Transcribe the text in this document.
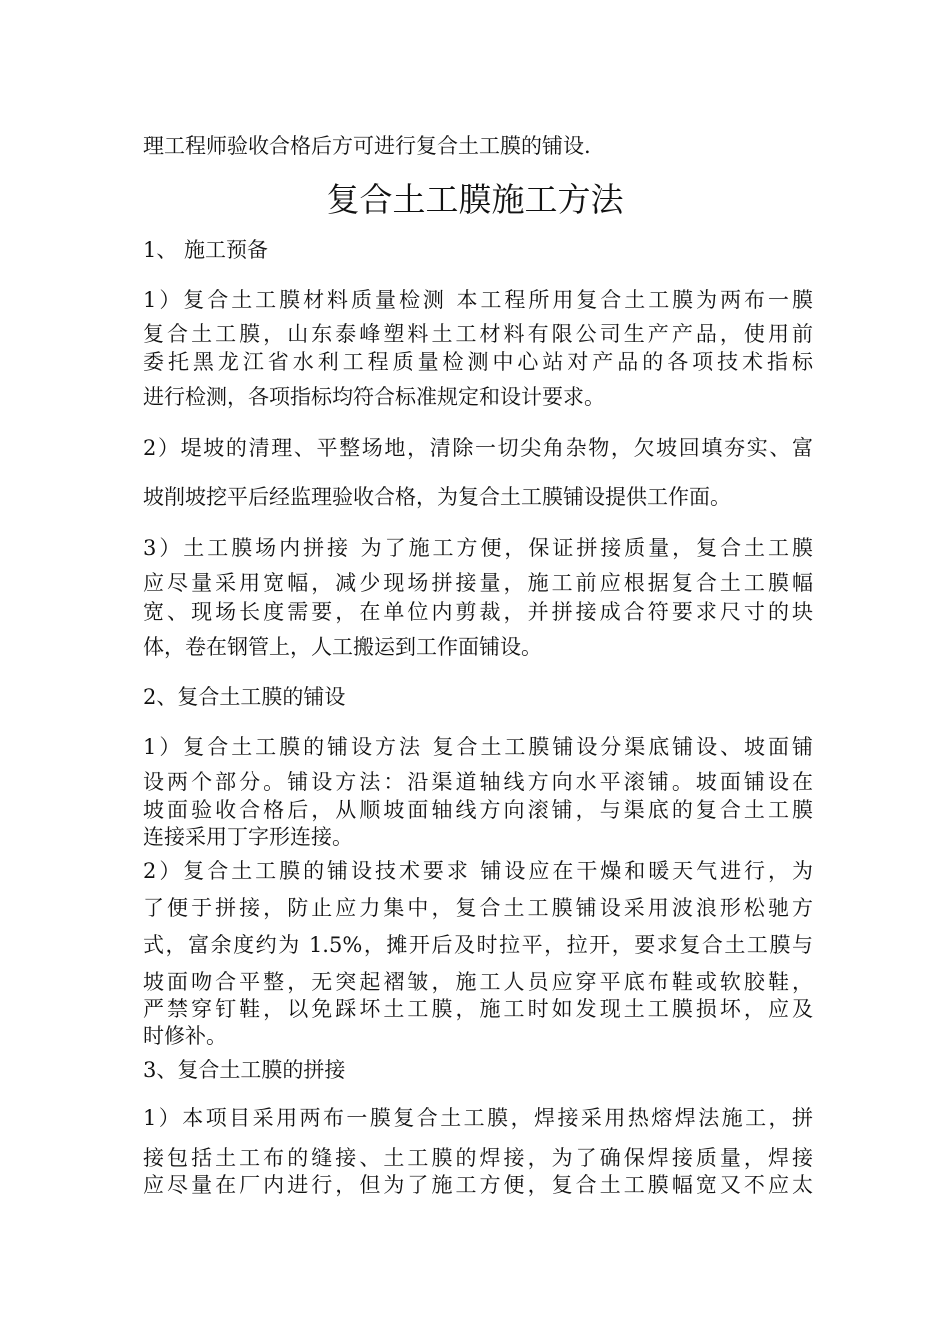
理工程师验收合格后方可进行复合土工膜的铺设.
复合土工膜施工方法
1、 施工预备
1）复合土工膜材料质量检测 本工程所用复合土工膜为两布一膜
复合土工膜，山东泰峰塑料土工材料有限公司生产产品，使用前
委托黑龙江省水利工程质量检测中心站对产品的各项技术指标
进行检测，各项指标均符合标准规定和设计要求。
2）堤坡的清理、平整场地，清除一切尖角杂物，欠坡回填夯实、富
坡削坡挖平后经监理验收合格，为复合土工膜铺设提供工作面。
3）土工膜场内拼接 为了施工方便，保证拼接质量，复合土工膜
应尽量采用宽幅，减少现场拼接量，施工前应根据复合土工膜幅
宽、现场长度需要，在单位内剪裁，并拼接成合符要求尺寸的块
体，卷在钢管上，人工搬运到工作面铺设。
2、复合土工膜的铺设
1）复合土工膜的铺设方法 复合土工膜铺设分渠底铺设、坡面铺
设两个部分。铺设方法：沿渠道轴线方向水平滚铺。坡面铺设在
坡面验收合格后，从顺坡面轴线方向滚铺，与渠底的复合土工膜
连接采用丁字形连接。
2）复合土工膜的铺设技术要求 铺设应在干燥和暖天气进行，为
了便于拼接，防止应力集中，复合土工膜铺设采用波浪形松驰方
式，富余度约为 1.5%，摊开后及时拉平，拉开，要求复合土工膜与
坡面吻合平整，无突起褶皱，施工人员应穿平底布鞋或软胶鞋，
严禁穿钉鞋，以免踩坏土工膜，施工时如发现土工膜损坏，应及
时修补。
3、复合土工膜的拼接
1）本项目采用两布一膜复合土工膜，焊接采用热熔焊法施工，拼
接包括土工布的缝接、土工膜的焊接，为了确保焊接质量，焊接
应尽量在厂内进行，但为了施工方便，复合土工膜幅宽又不应太
